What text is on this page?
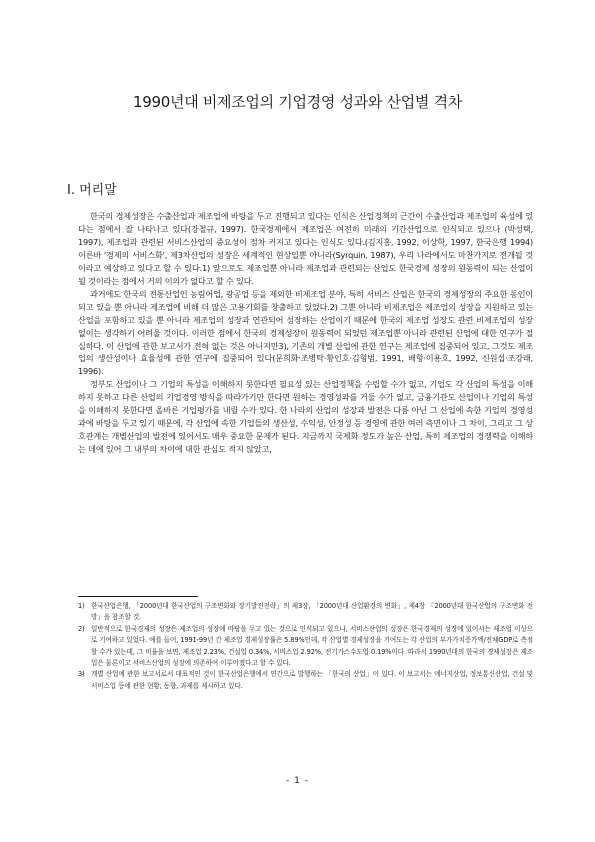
1990년대 비제조업의 기업경영 성과와 산업별 격차
Ⅰ. 머리말

한국의 경제성장은 수출산업과 제조업에 바탕을 두고 진행되고 있다는 인식은 산업정책의 근간이 수출산업과 제조업의 육성에 있다는 점에서 잘 나타나고 있다(강철규, 1997). 한국경제에서 제조업은 여전히 미래의 기간산업으로 인식되고 있으나 (박성택, 1997), 제조업과 관련된 서비스산업의 중요성이 점차 커지고 있다는 인식도 있다.(김지홍, 1992, 이상학, 1997, 한국은행 1994) 이른바 '경제의 서비스화', 제3차산업의 성장은 세계적인 현상일뿐 아니라(Syrquin, 1987), 우리 나라에서도 마찬가지로 전개될 것이라고 예상하고 있다고 할 수 있다.1) 앞으로도 제조업뿐 아니라 제조업과 관련되는 산업도 한국경제 성장의 원동력이 되는 산업이 될 것이라는 점에서 거의 이의가 없다고 할 수 있다.

과거에도 한국의 전통산업인 농림어업, 광공업 등을 제외한 비제조업 분야, 특히 서비스 산업은 한국의 경제성장의 주요한 동인이 되고 있을 뿐 아니라 제조업에 비해 더 많은 고용기회를 창출하고 있었다.2) 그뿐 아니라 비제조업은 제조업의 성장을 지원하고 있는 산업을 포함하고 있을 뿐 아니라 제조업의 성장과 연관되어 성장하는 산업이기 때문에 한국의 제조업 성장도 관련 비제조업의 성장 없이는 생각하기 어려울 것이다. 이러한 점에서 한국의 경제성장이 원동력이 되었던 제조업뿐 아니라 관련된 산업에 대한 연구가 절실하다. 이 산업에 관한 보고서가 전혀 없는 것은 아니지만3), 기존의 개별 산업에 관한 연구는 제조업에 집중되어 있고, 그것도 제조업의 생산성이나 효율성에 관한 연구에 집중되어 있다(문희화·조병탁·황인호·김형범, 1991, 배형·이용호, 1992, 신원섭·조강래, 1996).

정부도 산업이나 그 기업의 특성을 이해하지 못한다면 필요성 있는 산업정책을 수립할 수가 없고, 기업도 각 산업의 특성을 이해하지 못하고 다른 산업의 기업경영 방식을 따라가기만 한다면 원하는 경영성과를 거둘 수가 없고, 금융기관도 산업이나 기업의 특성을 이해하지 못한다면 올바른 기업평가를 내릴 수가 있다. 한 나라의 산업의 성장과 발전은 다름 아닌 그 산업에 속한 기업의 경영성과에 바탕을 두고 있기 때문에, 각 산업에 속한 기업들의 생산성, 수익성, 안정성 등 경영에 관한 여러 측면이나 그 차이, 그리고 그 상호관계는 개별산업의 발전에 있어서도 매우 중요한 문제가 된다. 지금까지 국제화 정도가 높은 산업, 특히 제조업의 경쟁력을 이해하는 데에 있어 그 내부의 차이에 대한 관심도 적지 않았고,

1) 한국산업은행, 「2000년대 한국산업의 구조변화와 장기발전전략」의 제3장, 「2000년대 산업환경의 변화」, 제4장 「2000년대 한국산업의 구조변화 전망」을 참조할 것.
2) 일반적으로 한국경제의 성장은 제조업의 성장에 바탕을 두고 있는 것으로 인식되고 있으나, 서비스산업의 성장은 한국경제의 성장에 있어서는 제조업 이상으로 기여하고 있었다. 예를 들어, 1991-99년 간 제조업 경제성장률은 5.89%인데, 각 산업별 경제성장을 기여도는 각 산업의 부가가치증가액/전체GDP로 측정할 수가 있는데, 그 비율을 보면, 제조업 2.23%, 건설업 0.34%, 서비스업 2.92%, 전기가스수도업 0.19%이다. 따라서 1990년대의 한국의 경제성장은 제조업은 물론이고 서비스산업의 성장에 의존하여 이루어졌다고 할 수 있다.
3) 개별 산업에 관한 보고서로서 대표적인 것이 한국산업은행에서 연간으로 발행하는 「한국의 산업」이 있다. 이 보고서는 에너지산업, 정보통신산업, 건설 및 서비스업 등에 관한 현황, 동향, 과제를 제시하고 있다.
- 1 -
